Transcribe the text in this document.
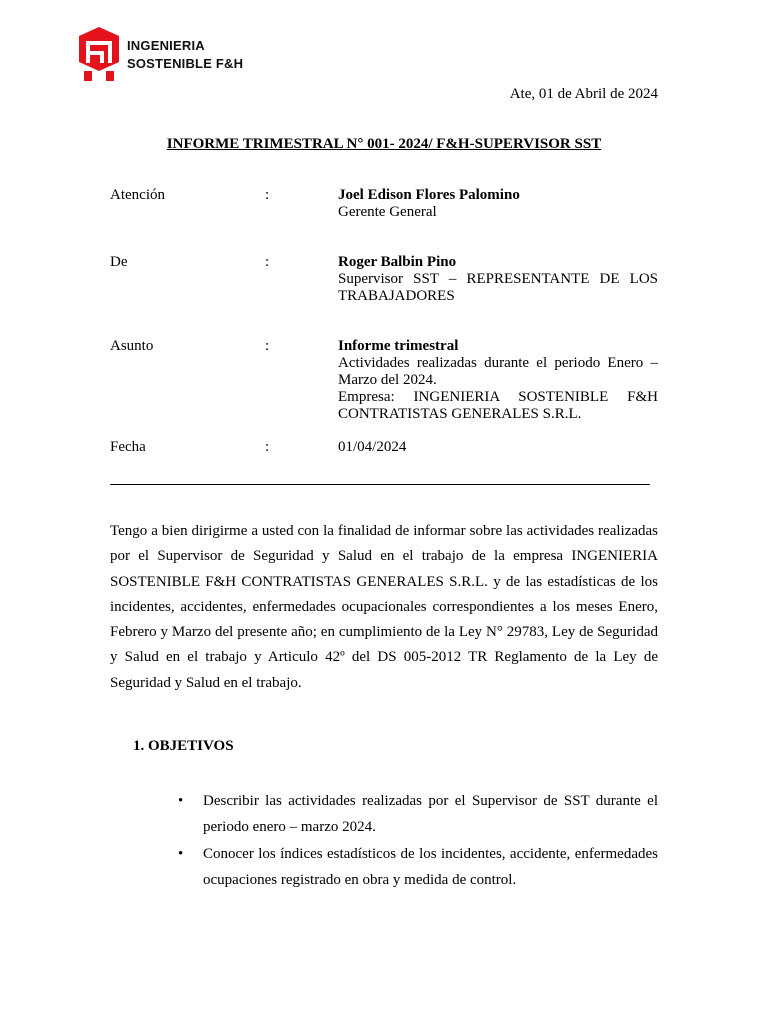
INGENIERIA
SOSTENIBLE F&H
Ate, 01 de Abril de 2024
INFORME TRIMESTRAL N° 001- 2024/ F&H-SUPERVISOR SST
Atención	:	Joel Edison Flores Palomino
Gerente General
De	:	Roger Balbin Pino
Supervisor SST – REPRESENTANTE DE LOS TRABAJADORES
Asunto	:	Informe trimestral
Actividades realizadas durante el periodo Enero – Marzo del 2024.
Empresa: INGENIERIA SOSTENIBLE F&H CONTRATISTAS GENERALES S.R.L.
Fecha	:	01/04/2024
Tengo a bien dirigirme a usted con la finalidad de informar sobre las actividades realizadas por el Supervisor de Seguridad y Salud en el trabajo de la empresa INGENIERIA SOSTENIBLE F&H CONTRATISTAS GENERALES S.R.L. y de las estadísticas de los incidentes, accidentes, enfermedades ocupacionales correspondientes a los meses Enero, Febrero y Marzo del presente año; en cumplimiento de la Ley N° 29783, Ley de Seguridad y Salud en el trabajo y Articulo 42º del DS 005-2012 TR Reglamento de la Ley de Seguridad y Salud en el trabajo.
1. OBJETIVOS
• Describir las actividades realizadas por el Supervisor de SST durante el periodo enero – marzo 2024.
• Conocer los índices estadísticos de los incidentes, accidente, enfermedades ocupaciones registrado en obra y medida de control.
